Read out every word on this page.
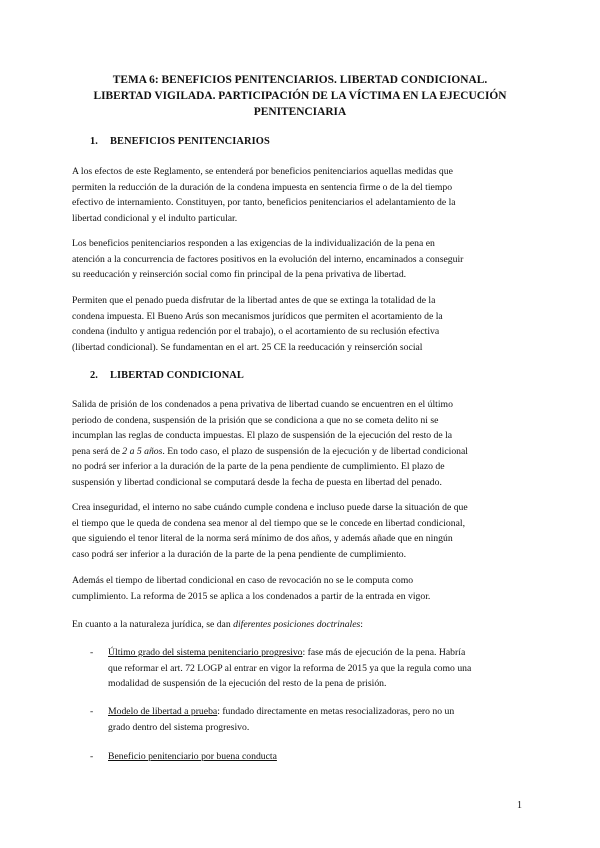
TEMA 6: BENEFICIOS PENITENCIARIOS. LIBERTAD CONDICIONAL.
LIBERTAD VIGILADA. PARTICIPACIÓN DE LA VÍCTIMA EN LA EJECUCIÓN
PENITENCIARIA
1. BENEFICIOS PENITENCIARIOS
A los efectos de este Reglamento, se entenderá por beneficios penitenciarios aquellas medidas que
permiten la reducción de la duración de la condena impuesta en sentencia firme o de la del tiempo
efectivo de internamiento. Constituyen, por tanto, beneficios penitenciarios el adelantamiento de la
libertad condicional y el indulto particular.
Los beneficios penitenciarios responden a las exigencias de la individualización de la pena en
atención a la concurrencia de factores positivos en la evolución del interno, encaminados a conseguir
su reeducación y reinserción social como fin principal de la pena privativa de libertad.
Permiten que el penado pueda disfrutar de la libertad antes de que se extinga la totalidad de la
condena impuesta. El Bueno Arús son mecanismos jurídicos que permiten el acortamiento de la
condena (indulto y antigua redención por el trabajo), o el acortamiento de su reclusión efectiva
(libertad condicional). Se fundamentan en el art. 25 CE la reeducación y reinserción social
2. LIBERTAD CONDICIONAL
Salida de prisión de los condenados a pena privativa de libertad cuando se encuentren en el último
periodo de condena, suspensión de la prisión que se condiciona a que no se cometa delito ni se
incumplan las reglas de conducta impuestas. El plazo de suspensión de la ejecución del resto de la
pena será de 2 a 5 años. En todo caso, el plazo de suspensión de la ejecución y de libertad condicional
no podrá ser inferior a la duración de la parte de la pena pendiente de cumplimiento. El plazo de
suspensión y libertad condicional se computará desde la fecha de puesta en libertad del penado.
Crea inseguridad, el interno no sabe cuándo cumple condena e incluso puede darse la situación de que
el tiempo que le queda de condena sea menor al del tiempo que se le concede en libertad condicional,
que siguiendo el tenor literal de la norma será mínimo de dos años, y además añade que en ningún
caso podrá ser inferior a la duración de la parte de la pena pendiente de cumplimiento.
Además el tiempo de libertad condicional en caso de revocación no se le computa como
cumplimiento. La reforma de 2015 se aplica a los condenados a partir de la entrada en vigor.
En cuanto a la naturaleza jurídica, se dan diferentes posiciones doctrinales:
- Último grado del sistema penitenciario progresivo: fase más de ejecución de la pena. Habría
que reformar el art. 72 LOGP al entrar en vigor la reforma de 2015 ya que la regula como una
modalidad de suspensión de la ejecución del resto de la pena de prisión.
- Modelo de libertad a prueba: fundado directamente en metas resocializadoras, pero no un
grado dentro del sistema progresivo.
- Beneficio penitenciario por buena conducta
1
